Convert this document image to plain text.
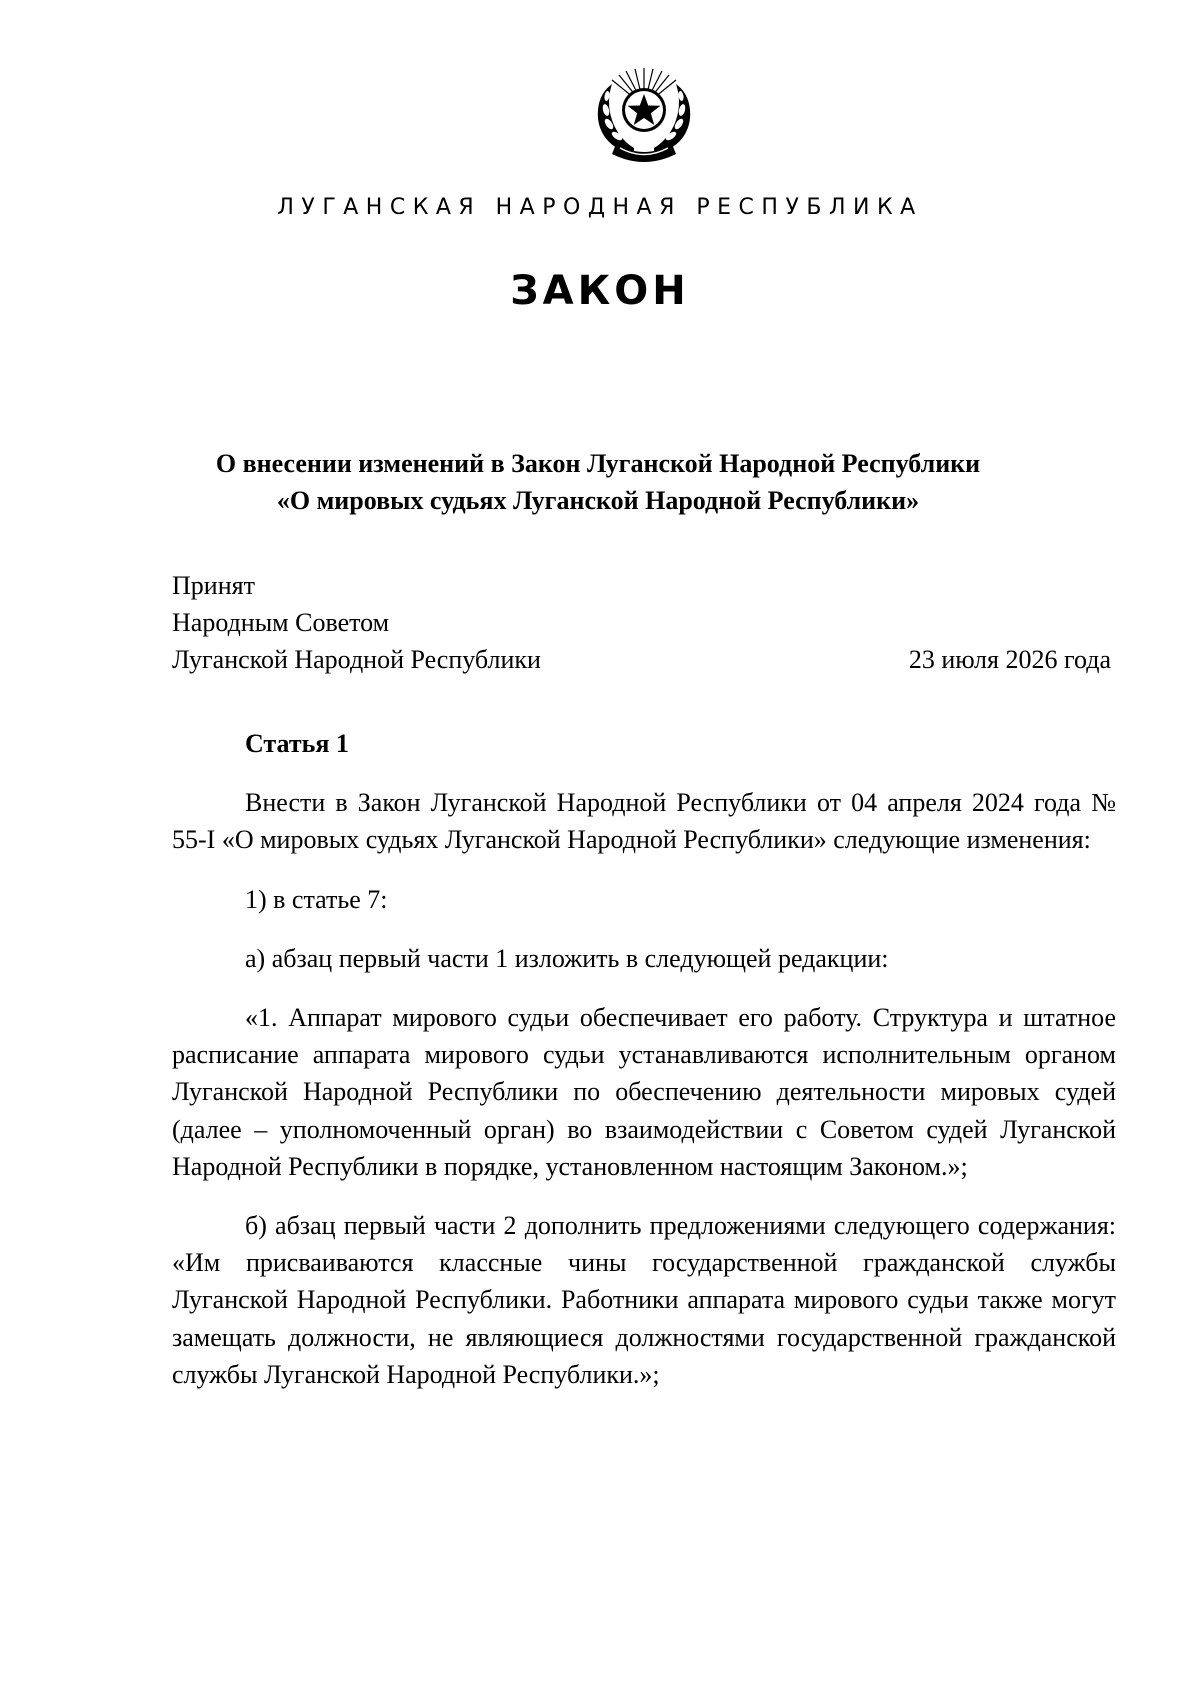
ЛУГАНСКАЯ НАРОДНАЯ РЕСПУБЛИКА
ЗАКОН
О внесении изменений в Закон Луганской Народной Республики
«О мировых судьях Луганской Народной Республики»
Принят
Народным Советом
Луганской Народной Республики	23 июля 2026 года
Статья 1

Внести в Закон Луганской Народной Республики от 04 апреля 2024 года № 55-I «О мировых судьях Луганской Народной Республики» следующие изменения:

1) в статье 7:

а) абзац первый части 1 изложить в следующей редакции:

«1. Аппарат мирового судьи обеспечивает его работу. Структура и штатное расписание аппарата мирового судьи устанавливаются исполнительным органом Луганской Народной Республики по обеспечению деятельности мировых судей (далее – уполномоченный орган) во взаимодействии с Советом судей Луганской Народной Республики в порядке, установленном настоящим Законом.»;

б) абзац первый части 2 дополнить предложениями следующего содержания: «Им присваиваются классные чины государственной гражданской службы Луганской Народной Республики. Работники аппарата мирового судьи также могут замещать должности, не являющиеся должностями государственной гражданской службы Луганской Народной Республики.»;
